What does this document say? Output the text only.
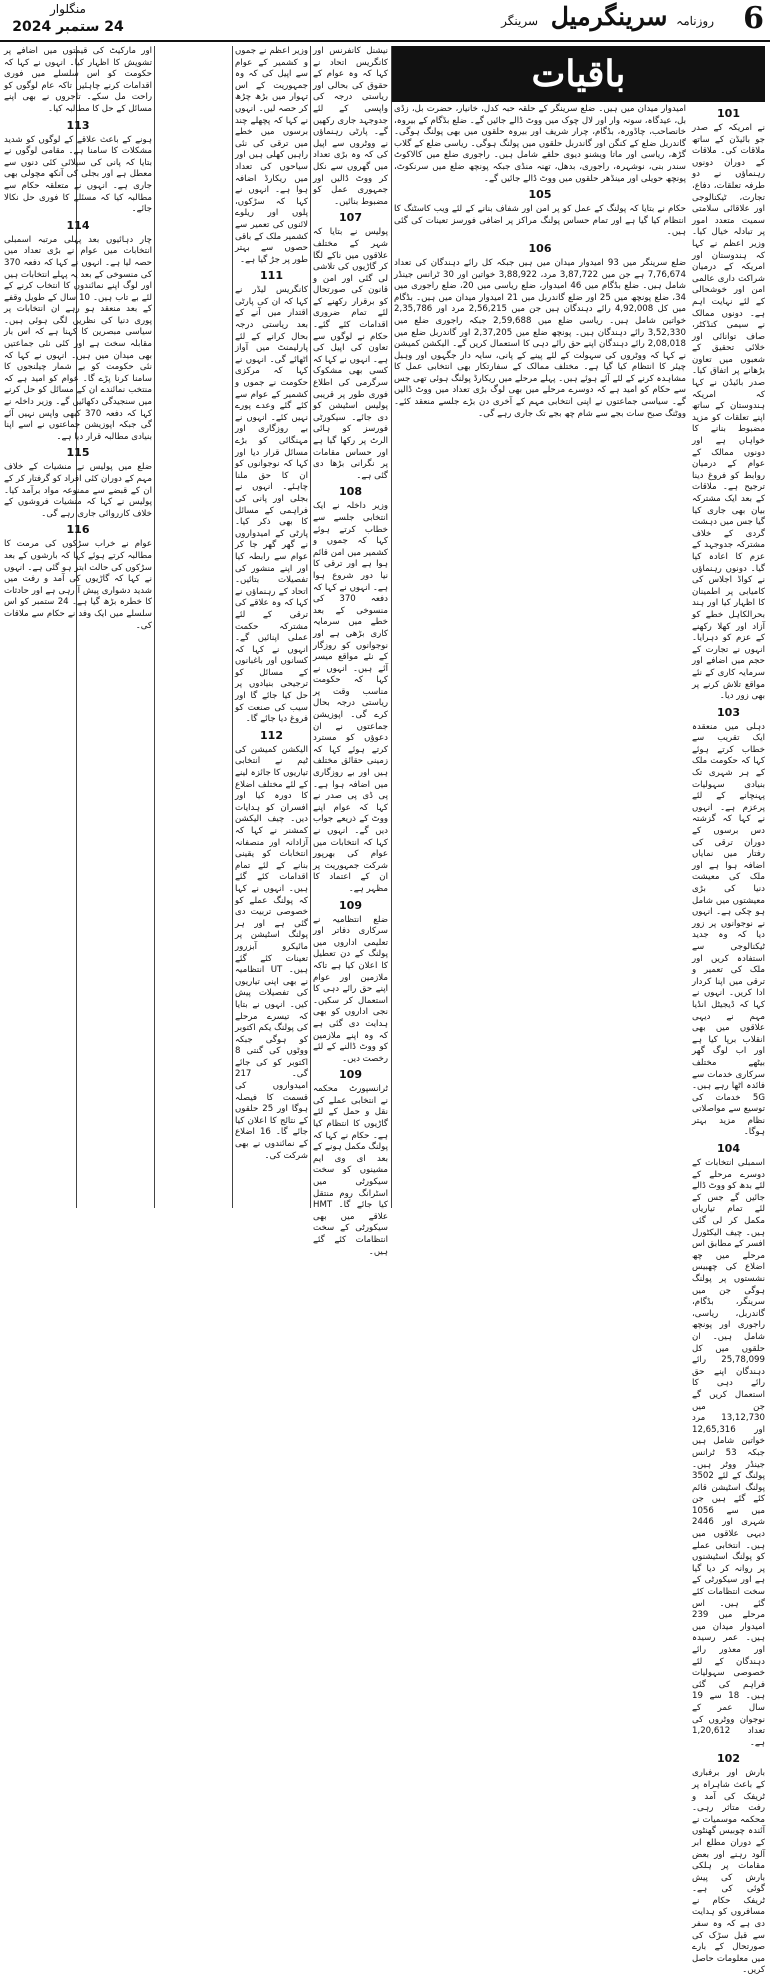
6
روزنامہ سرینگرمیل سرینگر
منگلوار
24 ستمبر 2024
باقیات
101

نے امریکہ کے صدر جو بائیڈن کے ساتھ ملاقات کی۔ ملاقات کے دوران دونوں رہنماؤں نے دو طرفہ تعلقات، دفاع، تجارت، ٹیکنالوجی اور علاقائی سلامتی سمیت متعدد امور پر تبادلہ خیال کیا۔ وزیر اعظم نے کہا کہ ہندوستان اور امریکہ کے درمیان شراکت داری عالمی امن اور خوشحالی کے لئے نہایت اہم ہے۔ دونوں ممالک نے سیمی کنڈکٹر، صاف توانائی اور خلائی تحقیق کے شعبوں میں تعاون بڑھانے پر اتفاق کیا۔ صدر بائیڈن نے کہا کہ امریکہ ہندوستان کے ساتھ اپنے تعلقات کو مزید مضبوط بنانے کا خواہاں ہے اور دونوں ممالک کے عوام کے درمیان روابط کو فروغ دینا ترجیح ہے۔ ملاقات کے بعد ایک مشترکہ بیان بھی جاری کیا گیا جس میں دہشت گردی کے خلاف مشترکہ جدوجہد کے عزم کا اعادہ کیا گیا۔ دونوں رہنماؤں نے کواڈ اجلاس کی کامیابی پر اطمینان کا اظہار کیا اور ہند بحرالکاہل خطے کو آزاد اور کھلا رکھنے کے عزم کو دہرایا۔ انہوں نے تجارت کے حجم میں اضافے اور سرمایہ کاری کے نئے مواقع تلاش کرنے پر بھی زور دیا۔

103

دہلی میں منعقدہ ایک تقریب سے خطاب کرتے ہوئے کہا کہ حکومت ملک کے ہر شہری تک بنیادی سہولیات پہنچانے کے لئے پرعزم ہے۔ انہوں نے کہا کہ گزشتہ دس برسوں کے دوران ترقی کی رفتار میں نمایاں اضافہ ہوا ہے اور ملک کی معیشت دنیا کی بڑی معیشتوں میں شامل ہو چکی ہے۔ انہوں نے نوجوانوں پر زور دیا کہ وہ جدید ٹیکنالوجی سے استفادہ کریں اور ملک کی تعمیر و ترقی میں اپنا کردار ادا کریں۔ انہوں نے کہا کہ ڈیجیٹل انڈیا مہم نے دیہی علاقوں میں بھی انقلاب برپا کیا ہے اور اب لوگ گھر بیٹھے مختلف سرکاری خدمات سے فائدہ اٹھا رہے ہیں۔ 5G خدمات کی توسیع سے مواصلاتی نظام مزید بہتر ہوگا۔

104

اسمبلی انتخابات کے دوسرے مرحلے کے لئے بدھ کو ووٹ ڈالے جائیں گے جس کے لئے تمام تیاریاں مکمل کر لی گئی ہیں۔ چیف الیکٹورل افسر کے مطابق اس مرحلے میں چھ اضلاع کی چھبیس نشستوں پر پولنگ ہوگی جن میں سرینگر، بڈگام، گاندربل، ریاسی، راجوری اور پونچھ شامل ہیں۔ ان حلقوں میں کل 25,78,099 رائے دہندگان اپنے حق رائے دہی کا استعمال کریں گے جن میں 13,12,730 مرد اور 12,65,316 خواتین شامل ہیں جبکہ 53 ٹرانس جینڈر ووٹر ہیں۔ پولنگ کے لئے 3502 پولنگ اسٹیشن قائم کئے گئے ہیں جن میں سے 1056 شہری اور 2446 دیہی علاقوں میں ہیں۔ انتخابی عملے کو پولنگ اسٹیشنوں پر روانہ کر دیا گیا ہے اور سیکورٹی کے سخت انتظامات کئے گئے ہیں۔ اس مرحلے میں 239 امیدوار میدان میں ہیں۔ عمر رسیدہ اور معذور رائے دہندگان کے لئے خصوصی سہولیات فراہم کی گئی ہیں۔ 18 سے 19 سال عمر کے نوجوان ووٹروں کی تعداد 1,20,612 ہے۔

102

بارش اور برفباری کے باعث شاہراہ پر ٹریفک کی آمد و رفت متاثر رہی۔ محکمہ موسمیات نے آئندہ چوبیس گھنٹوں کے دوران مطلع ابر آلود رہنے اور بعض مقامات پر ہلکی بارش کی پیش گوئی کی ہے۔ ٹریفک حکام نے مسافروں کو ہدایت دی ہے کہ وہ سفر سے قبل سڑک کی صورتحال کے بارے میں معلومات حاصل کریں۔

امیدوار میدان میں ہیں۔ ضلع سرینگر کے حلقہ حبہ کدل، خانیار، حضرت بل، زڈی بل، عیدگاہ، سونہ وار اور لال چوک میں ووٹ ڈالے جائیں گے۔ ضلع بڈگام کے بیروہ، خانصاحب، چاڈورہ، بڈگام، چرار شریف اور بیروہ حلقوں میں بھی پولنگ ہوگی۔ گاندربل ضلع کے کنگن اور گاندربل حلقوں میں پولنگ ہوگی۔ ریاسی ضلع کے گلاب گڑھ، ریاسی اور ماتا ویشنو دیوی حلقے شامل ہیں۔ راجوری ضلع میں کالاکوٹ سندر بنی، نوشہرہ، راجوری، بدھل، تھنہ منڈی جبکہ پونچھ ضلع میں سرنکوٹ، پونچھ حویلی اور مینڈھر حلقوں میں ووٹ ڈالے جائیں گے۔

105

حکام نے بتایا کہ پولنگ کے عمل کو پر امن اور شفاف بنانے کے لئے ویب کاسٹنگ کا انتظام کیا گیا ہے اور تمام حساس پولنگ مراکز پر اضافی فورسز تعینات کی گئی ہیں۔

106

ضلع سرینگر میں 93 امیدوار میدان میں ہیں جبکہ کل رائے دہندگان کی تعداد 7,76,674 ہے جن میں 3,87,722 مرد، 3,88,922 خواتین اور 30 ٹرانس جینڈر شامل ہیں۔ ضلع بڈگام میں 46 امیدوار، ضلع ریاسی میں 20، ضلع راجوری میں 34، ضلع پونچھ میں 25 اور ضلع گاندربل میں 21 امیدوار میدان میں ہیں۔ بڈگام میں کل 4,92,008 رائے دہندگان ہیں جن میں 2,56,215 مرد اور 2,35,786 خواتین شامل ہیں۔ ریاسی ضلع میں 2,59,688 جبکہ راجوری ضلع میں 3,52,330 رائے دہندگان ہیں۔ پونچھ ضلع میں 2,37,205 اور گاندربل ضلع میں 2,08,018 رائے دہندگان اپنے حق رائے دہی کا استعمال کریں گے۔ الیکشن کمیشن نے کہا کہ ووٹروں کی سہولت کے لئے پینے کے پانی، سایہ دار جگہوں اور وہیل چیئر کا انتظام کیا گیا ہے۔ مختلف ممالک کے سفارتکار بھی انتخابی عمل کا مشاہدہ کرنے کے لئے آئے ہوئے ہیں۔ پہلے مرحلے میں ریکارڈ پولنگ ہوئی تھی جس سے حکام کو امید ہے کہ دوسرے مرحلے میں بھی لوگ بڑی تعداد میں ووٹ ڈالیں گے۔ سیاسی جماعتوں نے اپنی انتخابی مہم کے آخری دن بڑے جلسے منعقد کئے۔ ووٹنگ صبح سات بجے سے شام چھ بجے تک جاری رہے گی۔

نیشنل کانفرنس اور کانگریس اتحاد نے کہا کہ وہ عوام کے حقوق کی بحالی اور ریاستی درجہ کی واپسی کے لئے جدوجہد جاری رکھیں گے۔ پارٹی رہنماؤں نے ووٹروں سے اپیل کی کہ وہ بڑی تعداد میں گھروں سے نکل کر ووٹ ڈالیں اور جمہوری عمل کو مضبوط بنائیں۔

107

پولیس نے بتایا کہ شہر کے مختلف علاقوں میں ناکے لگا کر گاڑیوں کی تلاشی لی گئی اور امن و قانون کی صورتحال کو برقرار رکھنے کے لئے تمام ضروری اقدامات کئے گئے۔ حکام نے لوگوں سے تعاون کی اپیل کی ہے۔ انہوں نے کہا کہ کسی بھی مشکوک سرگرمی کی اطلاع فوری طور پر قریبی پولیس اسٹیشن کو دی جائے۔ سیکورٹی فورسز کو ہائی الرٹ پر رکھا گیا ہے اور حساس مقامات پر نگرانی بڑھا دی گئی ہے۔

108

وزیر داخلہ نے ایک انتخابی جلسے سے خطاب کرتے ہوئے کہا کہ جموں و کشمیر میں امن قائم ہوا ہے اور ترقی کا نیا دور شروع ہوا ہے۔ انہوں نے کہا کہ دفعہ 370 کی منسوخی کے بعد خطے میں سرمایہ کاری بڑھی ہے اور نوجوانوں کو روزگار کے نئے مواقع میسر آئے ہیں۔ انہوں نے کہا کہ حکومت مناسب وقت پر ریاستی درجہ بحال کرے گی۔ اپوزیشن جماعتوں نے ان دعوؤں کو مسترد کرتے ہوئے کہا کہ زمینی حقائق مختلف ہیں اور بے روزگاری میں اضافہ ہوا ہے۔ پی ڈی پی صدر نے کہا کہ عوام اپنے ووٹ کے ذریعے جواب دیں گے۔ انہوں نے کہا کہ انتخابات میں عوام کی بھرپور شرکت جمہوریت پر ان کے اعتماد کا مظہر ہے۔

109

ضلع انتظامیہ نے سرکاری دفاتر اور تعلیمی اداروں میں پولنگ کے دن تعطیل کا اعلان کیا ہے تاکہ ملازمین اور عوام اپنے حق رائے دہی کا استعمال کر سکیں۔ نجی اداروں کو بھی ہدایت دی گئی ہے کہ وہ اپنے ملازمین کو ووٹ ڈالنے کے لئے رخصت دیں۔

109

ٹرانسپورٹ محکمہ نے انتخابی عملے کی نقل و حمل کے لئے گاڑیوں کا انتظام کیا ہے۔ حکام نے کہا کہ پولنگ مکمل ہونے کے بعد ای وی ایم مشینوں کو سخت سیکورٹی میں اسٹرانگ روم منتقل کیا جائے گا۔ HMT علاقے میں بھی سیکورٹی کے سخت انتظامات کئے گئے ہیں۔

وزیر اعظم نے جموں و کشمیر کے عوام سے اپیل کی کہ وہ جمہوریت کے اس تہوار میں بڑھ چڑھ کر حصہ لیں۔ انہوں نے کہا کہ پچھلے چند برسوں میں خطے میں ترقی کی نئی راہیں کھلی ہیں اور سیاحوں کی تعداد میں ریکارڈ اضافہ ہوا ہے۔ انہوں نے کہا کہ سڑکوں، پلوں اور ریلوے لائنوں کی تعمیر سے کشمیر ملک کے باقی حصوں سے بہتر طور پر جڑ گیا ہے۔

111

کانگریس لیڈر نے کہا کہ ان کی پارٹی اقتدار میں آنے کے بعد ریاستی درجہ بحال کرانے کے لئے پارلیمنٹ میں آواز اٹھائے گی۔ انہوں نے کہا کہ مرکزی حکومت نے جموں و کشمیر کے عوام سے کئے گئے وعدے پورے نہیں کئے۔ انہوں نے بے روزگاری اور مہنگائی کو بڑے مسائل قرار دیا اور کہا کہ نوجوانوں کو ان کا حق ملنا چاہئے۔ انہوں نے بجلی اور پانی کی فراہمی کے مسائل کا بھی ذکر کیا۔ پارٹی کے امیدواروں نے گھر گھر جا کر عوام سے رابطہ کیا اور اپنے منشور کی تفصیلات بتائیں۔ اتحاد کے رہنماؤں نے کہا کہ وہ علاقے کی ترقی کے لئے مشترکہ حکمت عملی اپنائیں گے۔ انہوں نے کہا کہ کسانوں اور باغبانوں کے مسائل کو ترجیحی بنیادوں پر حل کیا جائے گا اور سیب کی صنعت کو فروغ دیا جائے گا۔

112

الیکشن کمیشن کی ٹیم نے انتخابی تیاریوں کا جائزہ لینے کے لئے مختلف اضلاع کا دورہ کیا اور افسران کو ہدایات دیں۔ چیف الیکشن کمشنر نے کہا کہ آزادانہ اور منصفانہ انتخابات کو یقینی بنانے کے لئے تمام اقدامات کئے گئے ہیں۔ انہوں نے کہا کہ پولنگ عملے کو خصوصی تربیت دی گئی ہے اور ہر پولنگ اسٹیشن پر مائیکرو آبزرور تعینات کئے گئے ہیں۔ UT انتظامیہ نے بھی اپنی تیاریوں کی تفصیلات پیش کیں۔ انہوں نے بتایا کہ تیسرے مرحلے کی پولنگ یکم اکتوبر کو ہوگی جبکہ ووٹوں کی گنتی 8 اکتوبر کو کی جائے گی۔ 217 امیدواروں کی قسمت کا فیصلہ ہوگا اور 25 حلقوں کے نتائج کا اعلان کیا جائے گا۔ 16 اضلاع کے نمائندوں نے بھی شرکت کی۔

اور مارکیٹ کی قیمتوں میں اضافے پر تشویش کا اظہار کیا۔ انہوں نے کہا کہ حکومت کو اس سلسلے میں فوری اقدامات کرنے چاہئیں تاکہ عام لوگوں کو راحت مل سکے۔ تاجروں نے بھی اپنے مسائل کے حل کا مطالبہ کیا۔

113

ہونے کے باعث علاقے کے لوگوں کو شدید مشکلات کا سامنا ہے۔ مقامی لوگوں نے بتایا کہ پانی کی سپلائی کئی دنوں سے معطل ہے اور بجلی کی آنکھ مچولی بھی جاری ہے۔ انہوں نے متعلقہ حکام سے مطالبہ کیا کہ مسئلے کا فوری حل نکالا جائے۔

114

چار دہائیوں بعد پہلی مرتبہ اسمبلی انتخابات میں عوام نے بڑی تعداد میں حصہ لیا ہے۔ انہوں نے کہا کہ دفعہ 370 کی منسوخی کے بعد یہ پہلے انتخابات ہیں اور لوگ اپنے نمائندوں کا انتخاب کرنے کے لئے بے تاب ہیں۔ 10 سال کے طویل وقفے کے بعد منعقد ہو رہے ان انتخابات پر پوری دنیا کی نظریں لگی ہوئی ہیں۔ سیاسی مبصرین کا کہنا ہے کہ اس بار مقابلہ سخت ہے اور کئی نئی جماعتیں بھی میدان میں ہیں۔ انہوں نے کہا کہ نئی حکومت کو بے شمار چیلنجوں کا سامنا کرنا پڑے گا۔ عوام کو امید ہے کہ منتخب نمائندے ان کے مسائل کو حل کرنے میں سنجیدگی دکھائیں گے۔ وزیر داخلہ نے کہا کہ دفعہ 370 کبھی واپس نہیں آئے گی جبکہ اپوزیشن جماعتوں نے اسے اپنا بنیادی مطالبہ قرار دیا ہے۔

115

ضلع میں پولیس نے منشیات کے خلاف مہم کے دوران کئی افراد کو گرفتار کر کے ان کے قبضے سے ممنوعہ مواد برآمد کیا۔ پولیس نے کہا کہ منشیات فروشوں کے خلاف کارروائی جاری رہے گی۔

116

عوام نے خراب سڑکوں کی مرمت کا مطالبہ کرتے ہوئے کہا کہ بارشوں کے بعد سڑکوں کی حالت ابتر ہو گئی ہے۔ انہوں نے کہا کہ گاڑیوں کی آمد و رفت میں شدید دشواری پیش آ رہی ہے اور حادثات کا خطرہ بڑھ گیا ہے۔ 24 ستمبر کو اس سلسلے میں ایک وفد نے حکام سے ملاقات کی۔
